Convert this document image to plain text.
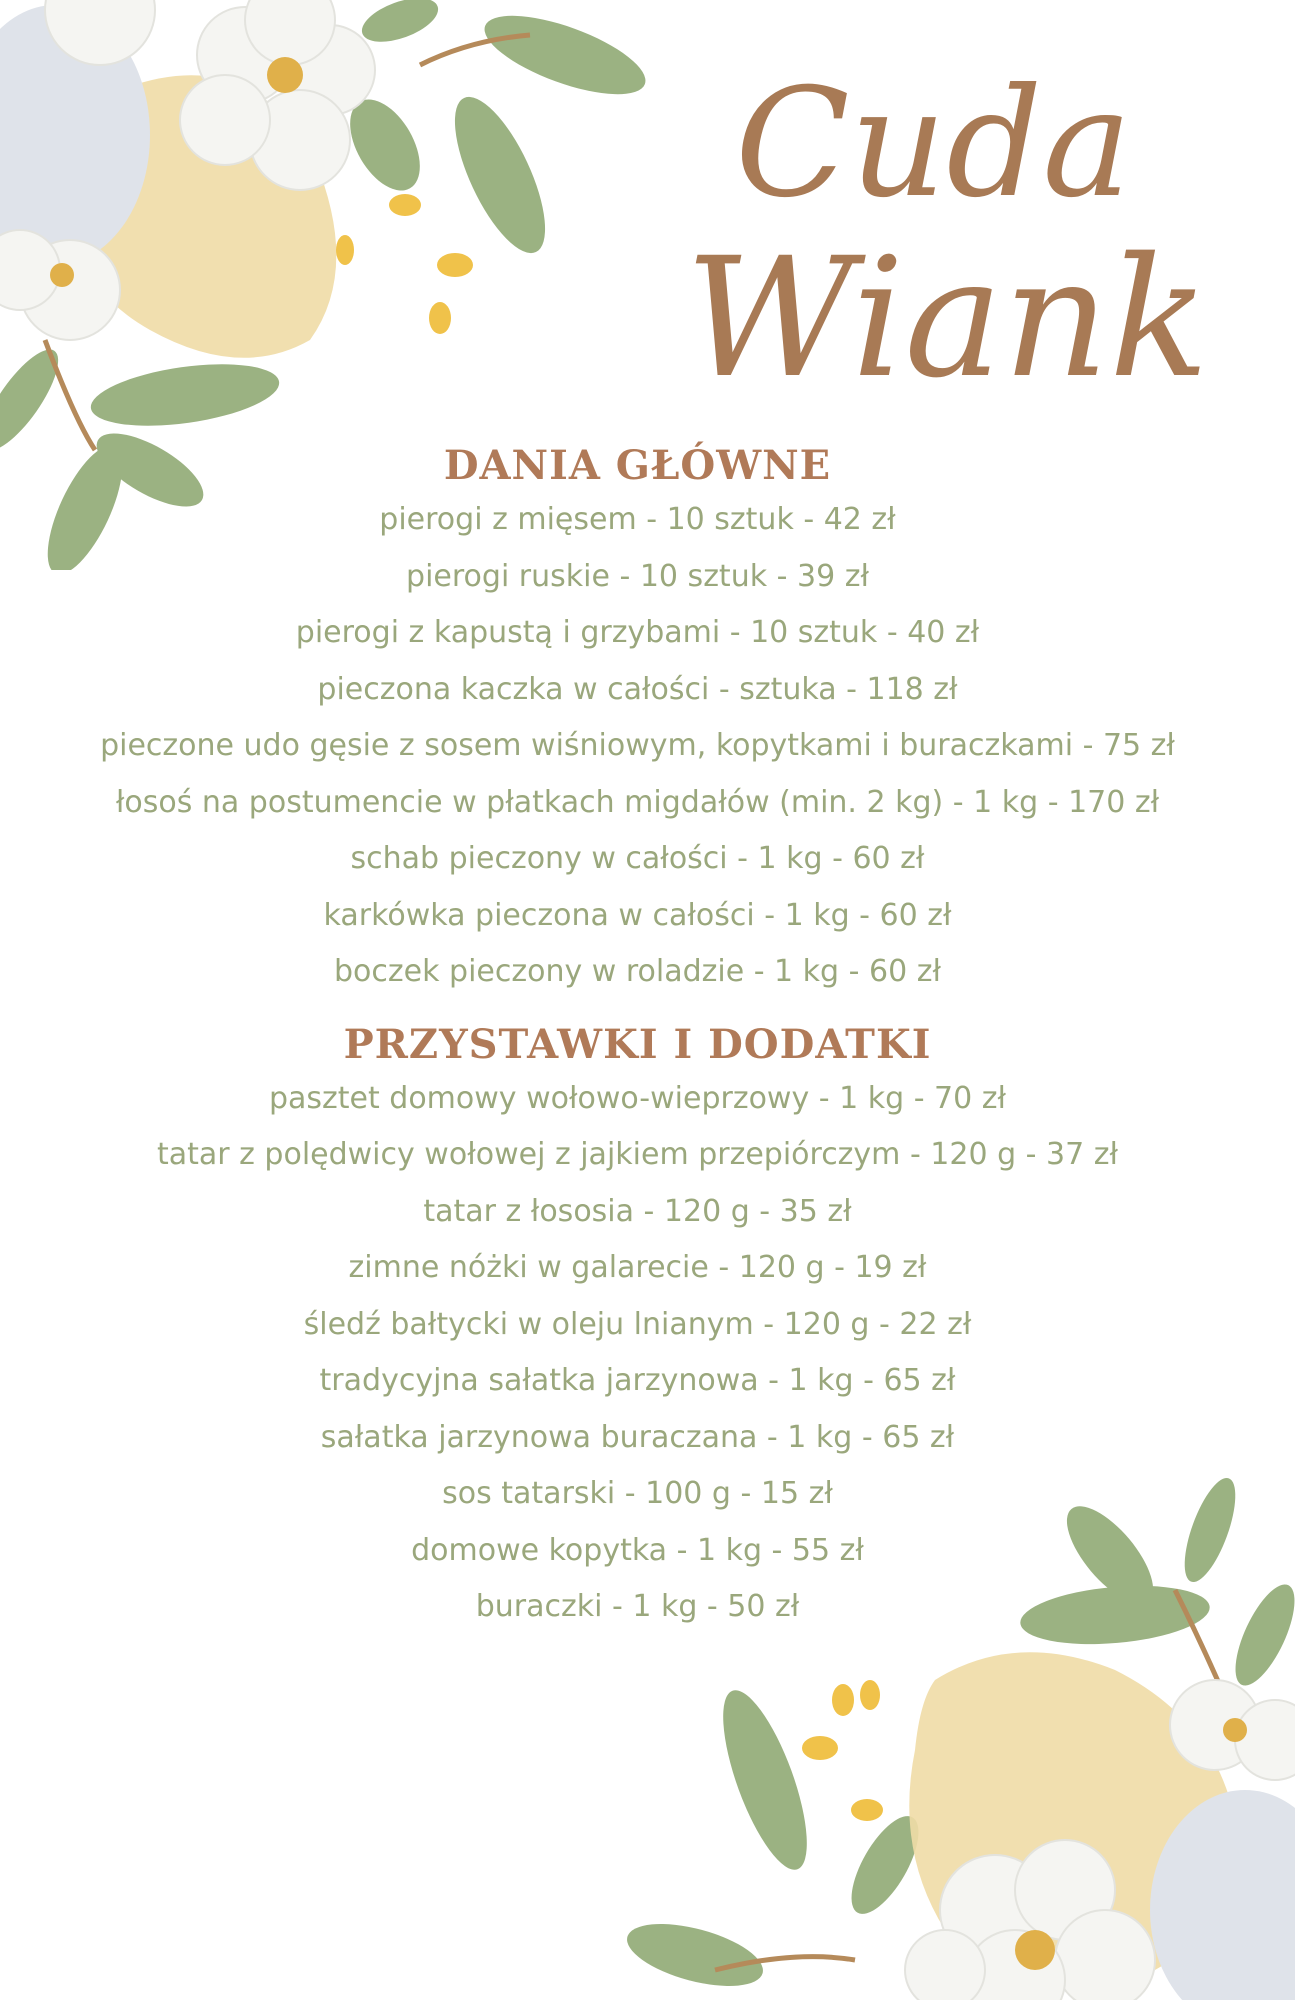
Cuda
Wianki
DANIA GŁÓWNE

pierogi z mięsem - 10 sztuk - 42 zł

pierogi ruskie - 10 sztuk - 39 zł

pierogi z kapustą i grzybami - 10 sztuk - 40 zł

pieczona kaczka w całości - sztuka - 118 zł

pieczone udo gęsie z sosem wiśniowym, kopytkami i buraczkami - 75 zł

łosoś na postumencie w płatkach migdałów (min. 2 kg) - 1 kg - 170 zł

schab pieczony w całości - 1 kg - 60 zł

karkówka pieczona w całości - 1 kg - 60 zł

boczek pieczony w roladzie - 1 kg - 60 zł

PRZYSTAWKI I DODATKI

pasztet domowy wołowo-wieprzowy - 1 kg - 70 zł

tatar z polędwicy wołowej z jajkiem przepiórczym - 120 g - 37 zł

tatar z łososia - 120 g - 35 zł

zimne nóżki w galarecie - 120 g - 19 zł

śledź bałtycki w oleju lnianym - 120 g - 22 zł

tradycyjna sałatka jarzynowa - 1 kg - 65 zł

sałatka jarzynowa buraczana - 1 kg - 65 zł

sos tatarski - 100 g - 15 zł

domowe kopytka - 1 kg - 55 zł

buraczki - 1 kg - 50 zł
